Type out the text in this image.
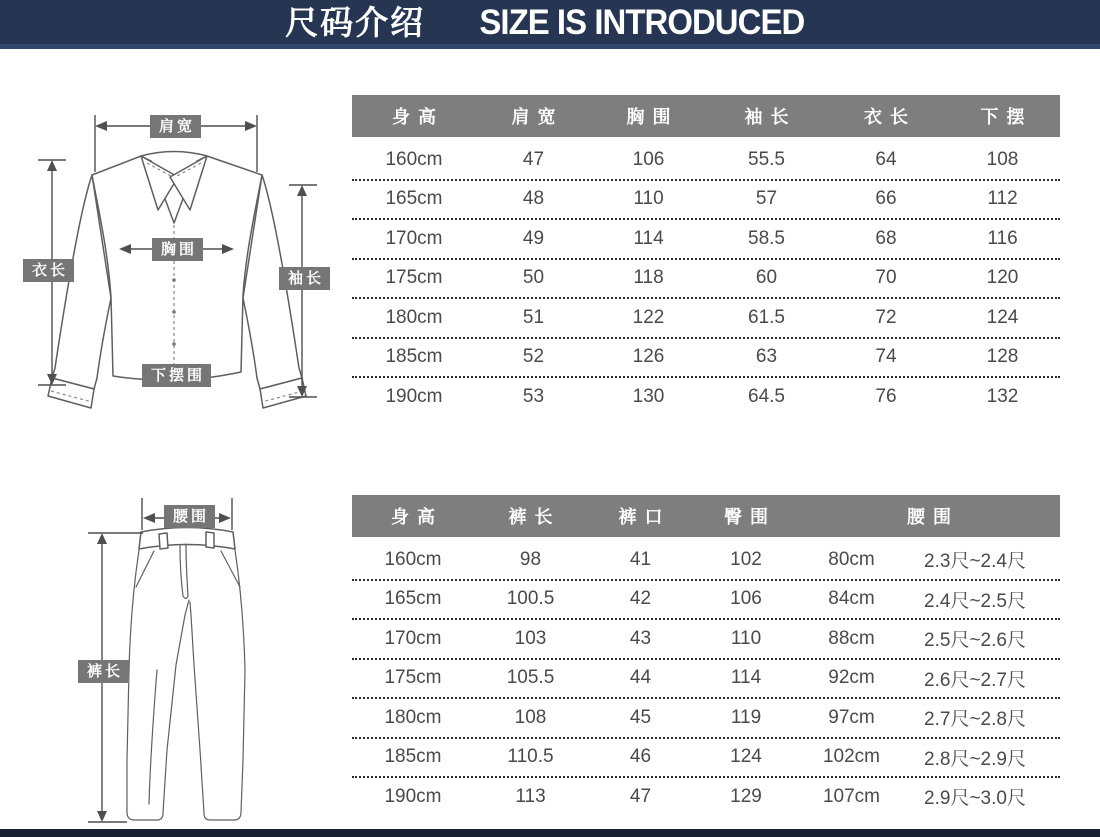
尺码介绍 SIZE IS INTRODUCED
肩宽
衣长
胸围
袖长
下摆围
身高	肩宽	胸围	袖长	衣长	下摆
160cm	47	106	55.5	64	108
165cm	48	110	57	66	112
170cm	49	114	58.5	68	116
175cm	50	118	60	70	120
180cm	51	122	61.5	72	124
185cm	52	126	63	74	128
190cm	53	130	64.5	76	132
腰围
裤长
身高	裤长	裤口	臀围	腰围
160cm	98	41	102	80cm	2.3尺~2.4尺
165cm	100.5	42	106	84cm	2.4尺~2.5尺
170cm	103	43	110	88cm	2.5尺~2.6尺
175cm	105.5	44	114	92cm	2.6尺~2.7尺
180cm	108	45	119	97cm	2.7尺~2.8尺
185cm	110.5	46	124	102cm	2.8尺~2.9尺
190cm	113	47	129	107cm	2.9尺~3.0尺
